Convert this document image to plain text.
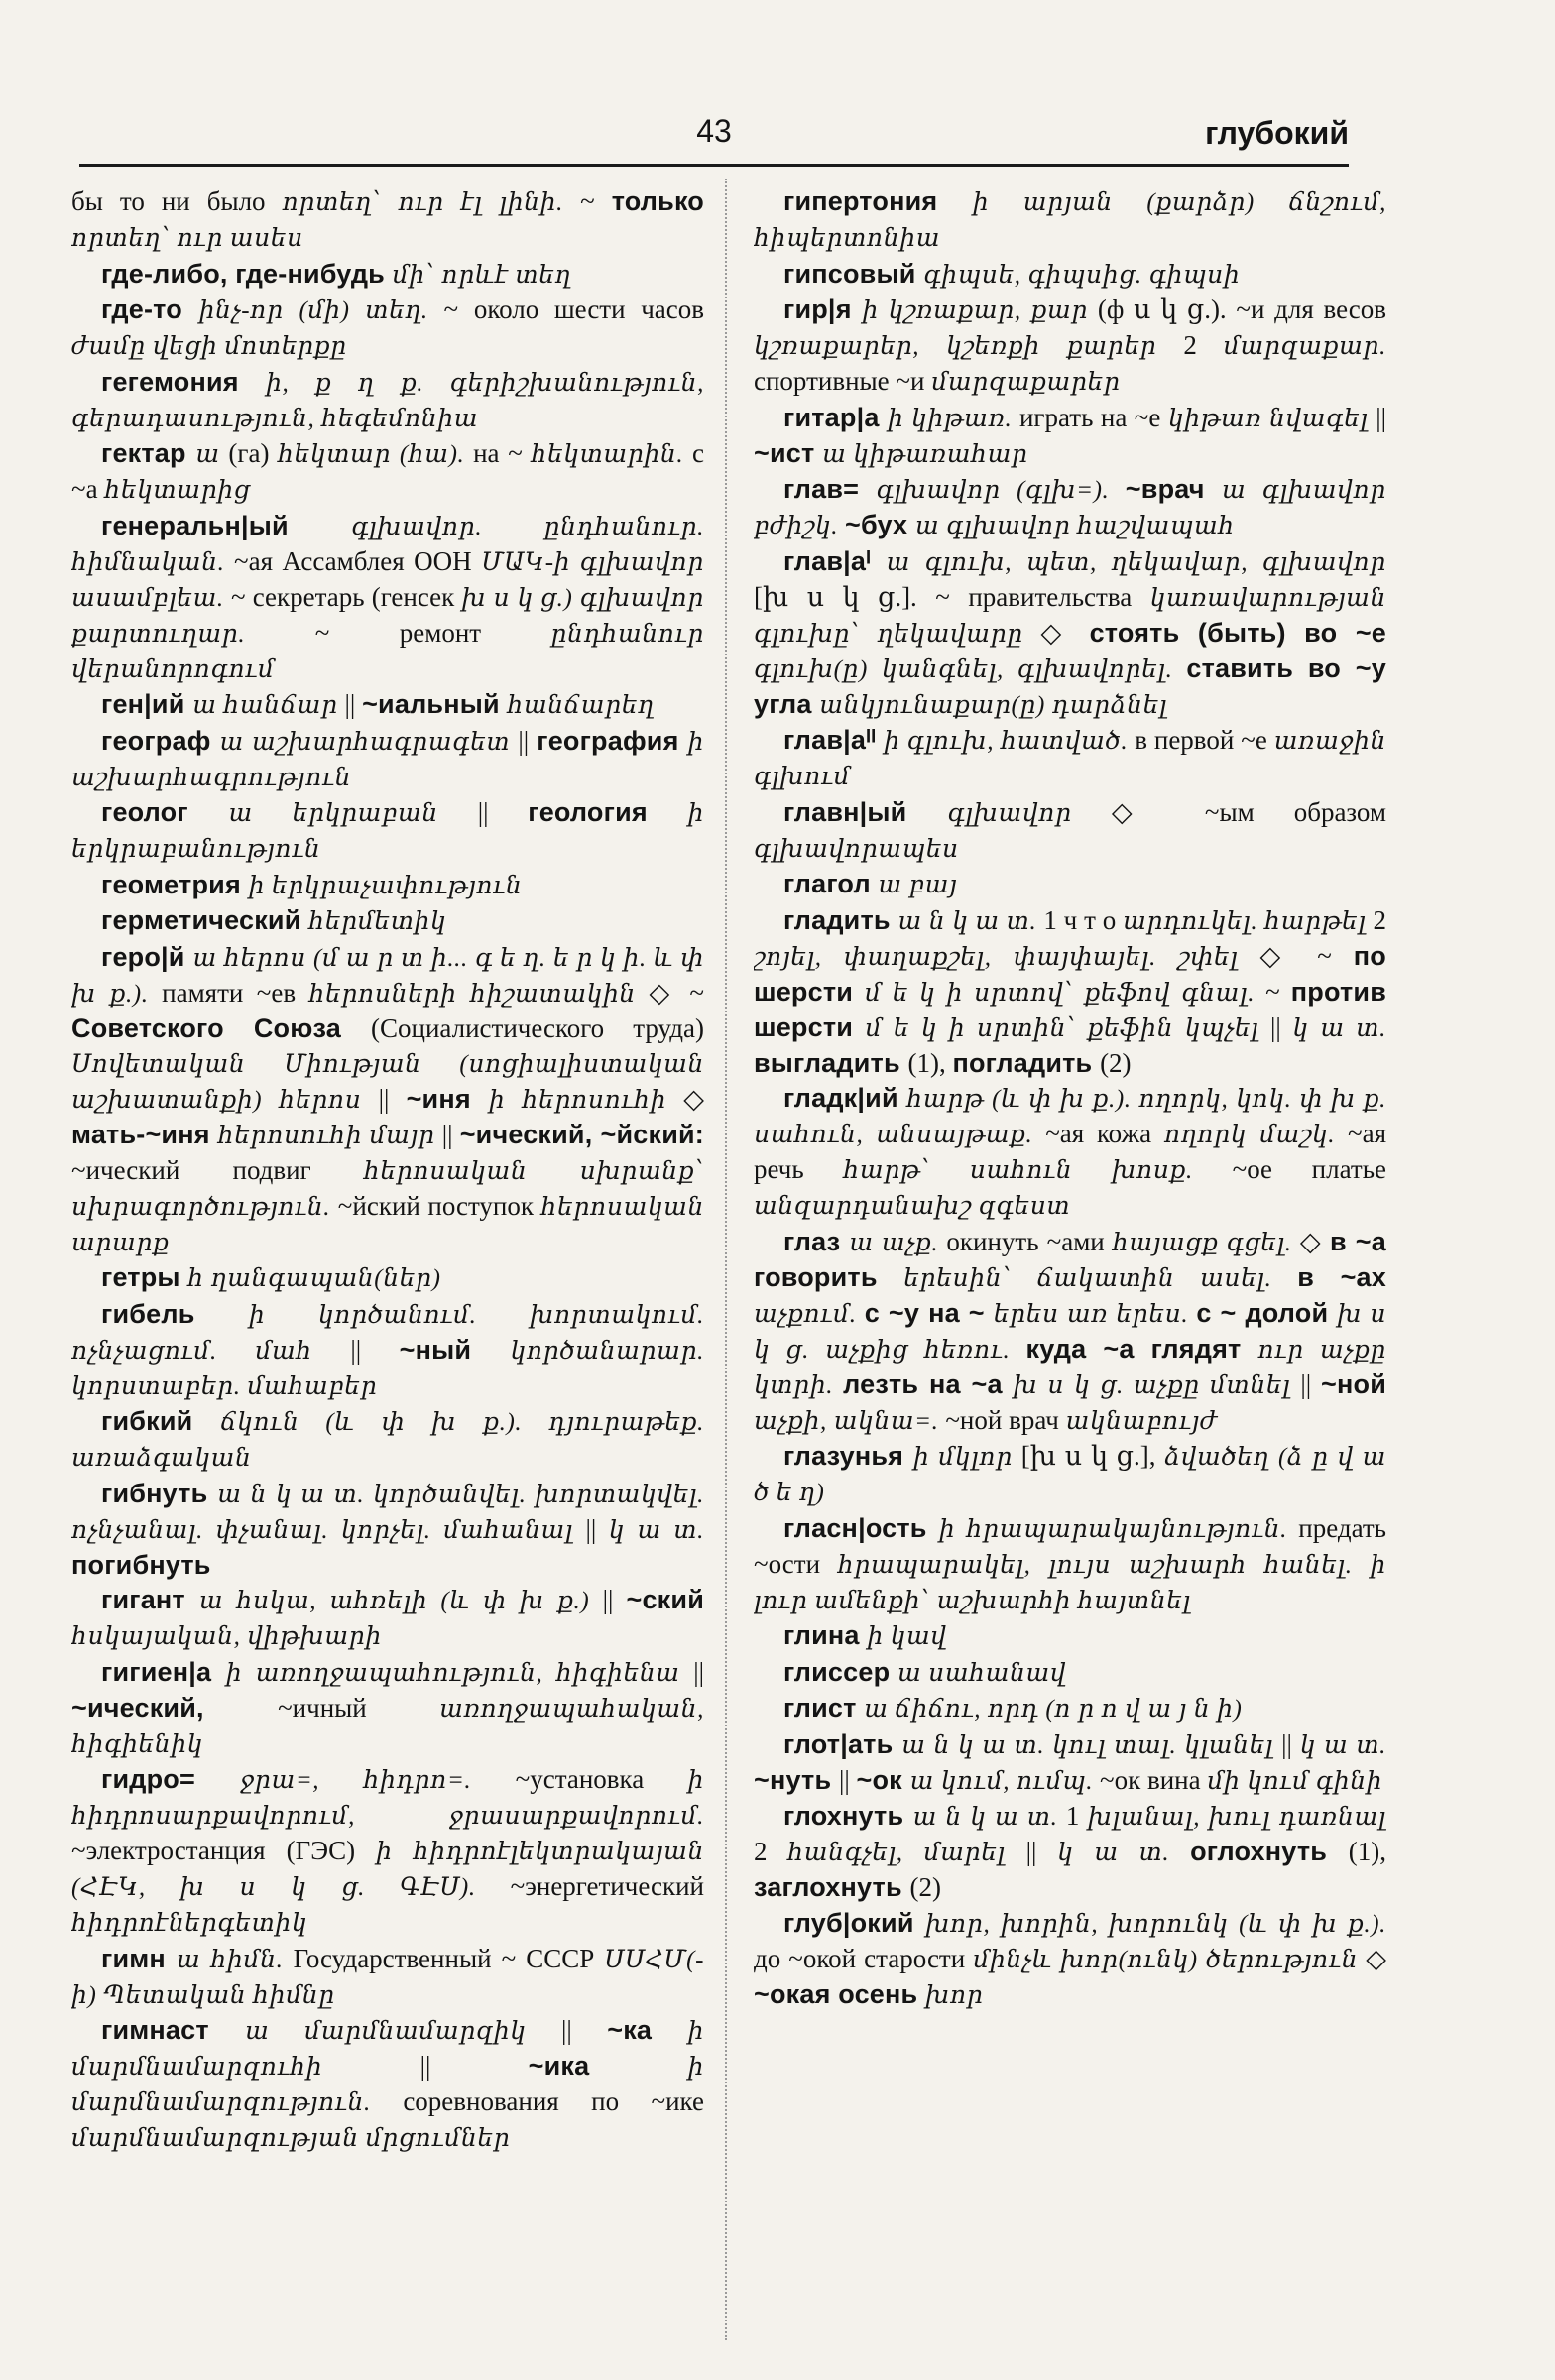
43	глубокий

бы то ни было որտեղ՝ ուր էլ լինի. ~ только որտեղ՝ ուր ասես

где-либо, где-нибудь մի՝ որևէ տեղ

где-то ինչ-որ (մի) տեղ. ~ около шести часов ժամը վեցի մոտերքը

гегемония ի, ք ղ ք. գերիշխանություն, գերադասություն, հեգեմոնիա

гектар ա (га) հեկտար (հա). на ~ հեկտարին. с ~а հեկտարից

генеральн|ый գլխավոր. ընդհանուր. հիմնական. ~ая Ассамблея ООН ՄԱԿ-ի գլխավոր ասամբլեա. ~ секретарь (генсек խ ս կ ց.) գլխավոր քարտուղար. ~ ремонт ընդհանուր վերանորոգում

ген|ий ա հանճար || ~иальный հանճարեղ

географ ա աշխարհագրագետ || география ի աշխարհագրություն

геолог ա երկրաբան || геология ի երկրաբանություն

геометрия ի երկրաչափություն

герметический հերմետիկ

геро|й ա հերոս (մ ա ր տ ի... գ ե ղ. ե ր կ ի. և փ խ ք.). памяти ~ев հերոսների հիշատակին ◇ ~ Советского Союза (Социалистического труда) Սովետական Միության (սոցիալիստական աշխատանքի) հերոս || ~иня ի հերոսուհի ◇ мать-~иня հերոսուհի մայր || ~ический, ~йский: ~ический подвиг հերոսական սխրանք՝ սխրագործություն. ~йский поступок հերոսական արարք

гетры հ ղանգապան(ներ)

гибель ի կործանում. խորտակում. ոչնչացում. մահ || ~ный կործանարար. կորստաբեր. մահաբեր

гибкий ճկուն (և փ խ ք.). դյուրաթեք. առաձգական

гибнуть ա ն կ ա տ. կործանվել. խորտակվել. ոչնչանալ. փչանալ. կորչել. մահանալ || կ ա տ. погибнуть

гигант ա հսկա, ահռելի (և փ խ ք.) || ~ский հսկայական, վիթխարի

гигиен|а ի առողջապահություն, հիգիենա || ~ический, ~ичный առողջապահական, հիգիենիկ

гидро= ջրա=, հիդրո=. ~установка ի հիդրոսարքավորում, ջրասարքավորում. ~электростанция (ГЭС) ի հիդրոէլեկտրակայան (ՀԷԿ, խ ս կ ց. ԳԷՍ). ~энергетический հիդրոէներգետիկ

гимн ա հիմն. Государственный ~ СССР ՍՍՀՄ(-ի) Պետական հիմնը

гимнаст ա մարմնամարզիկ || ~ка ի մարմնամարզուհի || ~ика ի մարմնամարզություն. соревнования по ~ике մարմնամարզության մրցումներ

гипертония ի արյան (քարձր) ճնշում, հիպերտոնիա

гипсовый գիպսե, գիպսից. գիպսի

гир|я ի կշռաքար, քար (ф ս կ ց.). ~и для весов կշռաքարեր, կշեռքի քարեր 2 մարզաքար. спортивные ~и մարզաքարեր

гитар|а ի կիթառ. играть на ~е կիթառ նվագել || ~ист ա կիթառահար

глав= գլխավոր (գլխ=). ~врач ա գլխավոր բժիշկ. ~бух ա գլխավոր հաշվապահ

глав|аᴵ ա գլուխ, պետ, ղեկավար, գլխավոր [խ ս կ ց.]. ~ правительства կառավարության գլուխը՝ ղեկավարը ◇ стоять (быть) во ~е գլուխ(ը) կանգնել, գլխավորել. ставить во ~у угла անկյունաքար(ը) դարձնել

глав|аᴵᴵ ի գլուխ, հատված. в первой ~е առաջին գլխում

главн|ый գլխավոր ◇ ~ым образом գլխավորապես

глагол ա բայ

гладить ա ն կ ա տ. 1 ч т о արդուկել. հարթել 2 շոյել, փաղաքշել, փայփայել. շփել ◇ ~ по шерсти մ ե կ ի սրտով՝ քեֆով գնալ. ~ против шерсти մ ե կ ի սրտին՝ քեֆին կպչել || կ ա տ. выгладить (1), погладить (2)

гладк|ий հարթ (և փ խ ք.). ողորկ, կոկ. փ խ ք. սահուն, անսայթաք. ~ая кожа ողորկ մաշկ. ~ая речь հարթ՝ սահուն խոսք. ~ое платье անզարդանախշ զգեստ

глаз ա աչք. окинуть ~ами հայացք գցել. ◇ в ~а говорить երեսին՝ ճակատին ասել. в ~ах աչքում. с ~у на ~ երես առ երես. с ~ долой խ ս կ ց. աչքից հեռու. куда ~а глядят ուր աչքը կտրի. лезть на ~а խ ս կ ց. աչքը մտնել || ~ной աչքի, ակնա=. ~ной врач ակնաբույժ

глазунья ի մկլոր [խ ս կ ց.], ձվածեղ (ձ ը վ ա ծ ե ղ)

гласн|ость ի հրապարակայնություն. предать ~ости հրապարակել, լույս աշխարհ հանել. ի լուր ամենքի՝ աշխարհի հայտնել

глина ի կավ

глиссер ա սահանավ

глист ա ճիճու, որդ (ո ր ո վ ա յ ն ի)

глот|ать ա ն կ ա տ. կուլ տալ. կլանել || կ ա տ. ~нуть || ~ок ա կում, ումպ. ~ок вина մի կում գինի

глохнуть ա ն կ ա տ. 1 խլանալ, խուլ դառնալ 2 հանգչել, մարել || կ ա տ. оглохнуть (1), заглохнуть (2)

глуб|окий խոր, խորին, խորունկ (և փ խ ք.). до ~окой старости մինչև խոր(ունկ) ծերություն ◇ ~окая осень խոր
